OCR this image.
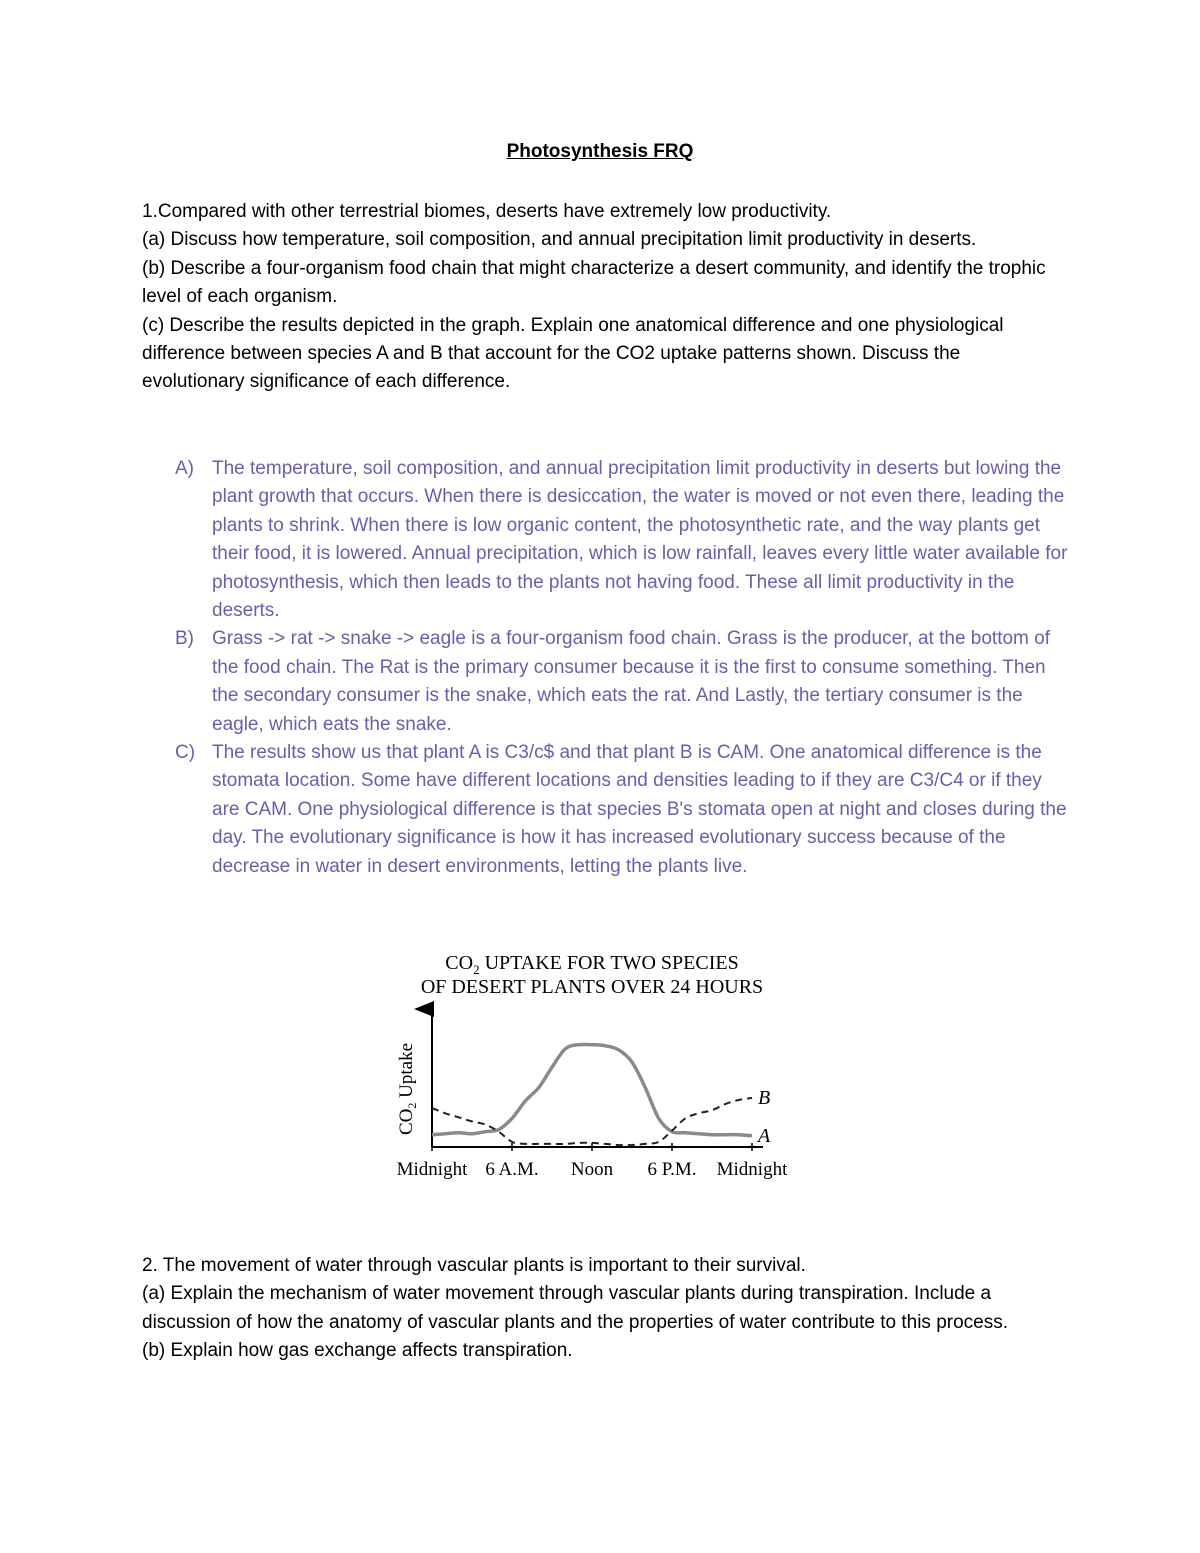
Photosynthesis FRQ

1.Compared with other terrestrial biomes, deserts have extremely low productivity.

(a) Discuss how temperature, soil composition, and annual precipitation limit productivity in deserts.

(b) Describe a four-organism food chain that might characterize a desert community, and identify the trophic level of each organism.

(c) Describe the results depicted in the graph. Explain one anatomical difference and one physiological difference between species A and B that account for the CO2 uptake patterns shown. Discuss the evolutionary significance of each difference.

A) The temperature, soil composition, and annual precipitation limit productivity in deserts but lowing the plant growth that occurs. When there is desiccation, the water is moved or not even there, leading the plants to shrink. When there is low organic content, the photosynthetic rate, and the way plants get their food, it is lowered. Annual precipitation, which is low rainfall, leaves every little water available for photosynthesis, which then leads to the plants not having food. These all limit productivity in the deserts.
B) Grass -> rat -> snake -> eagle is a four-organism food chain. Grass is the producer, at the bottom of the food chain. The Rat is the primary consumer because it is the first to consume something. Then the secondary consumer is the snake, which eats the rat. And Lastly, the tertiary consumer is the eagle, which eats the snake.
C) The results show us that plant A is C3/c$ and that plant B is CAM. One anatomical difference is the stomata location. Some have different locations and densities leading to if they are C3/C4 or if they are CAM. One physiological difference is that species B's stomata open at night and closes during the day. The evolutionary significance is how it has increased evolutionary success because of the decrease in water in desert environments, letting the plants live.
$CO_2$ UPTAKE FOR TWO SPECIES
OF DESERT PLANTS OVER 24 HOURS
$CO_2$ Uptake
A
B
Midnight 6 A.M. Noon 6 P.M. Midnight

2. The movement of water through vascular plants is important to their survival.

(a) Explain the mechanism of water movement through vascular plants during transpiration. Include a discussion of how the anatomy of vascular plants and the properties of water contribute to this process.

(b) Explain how gas exchange affects transpiration.
